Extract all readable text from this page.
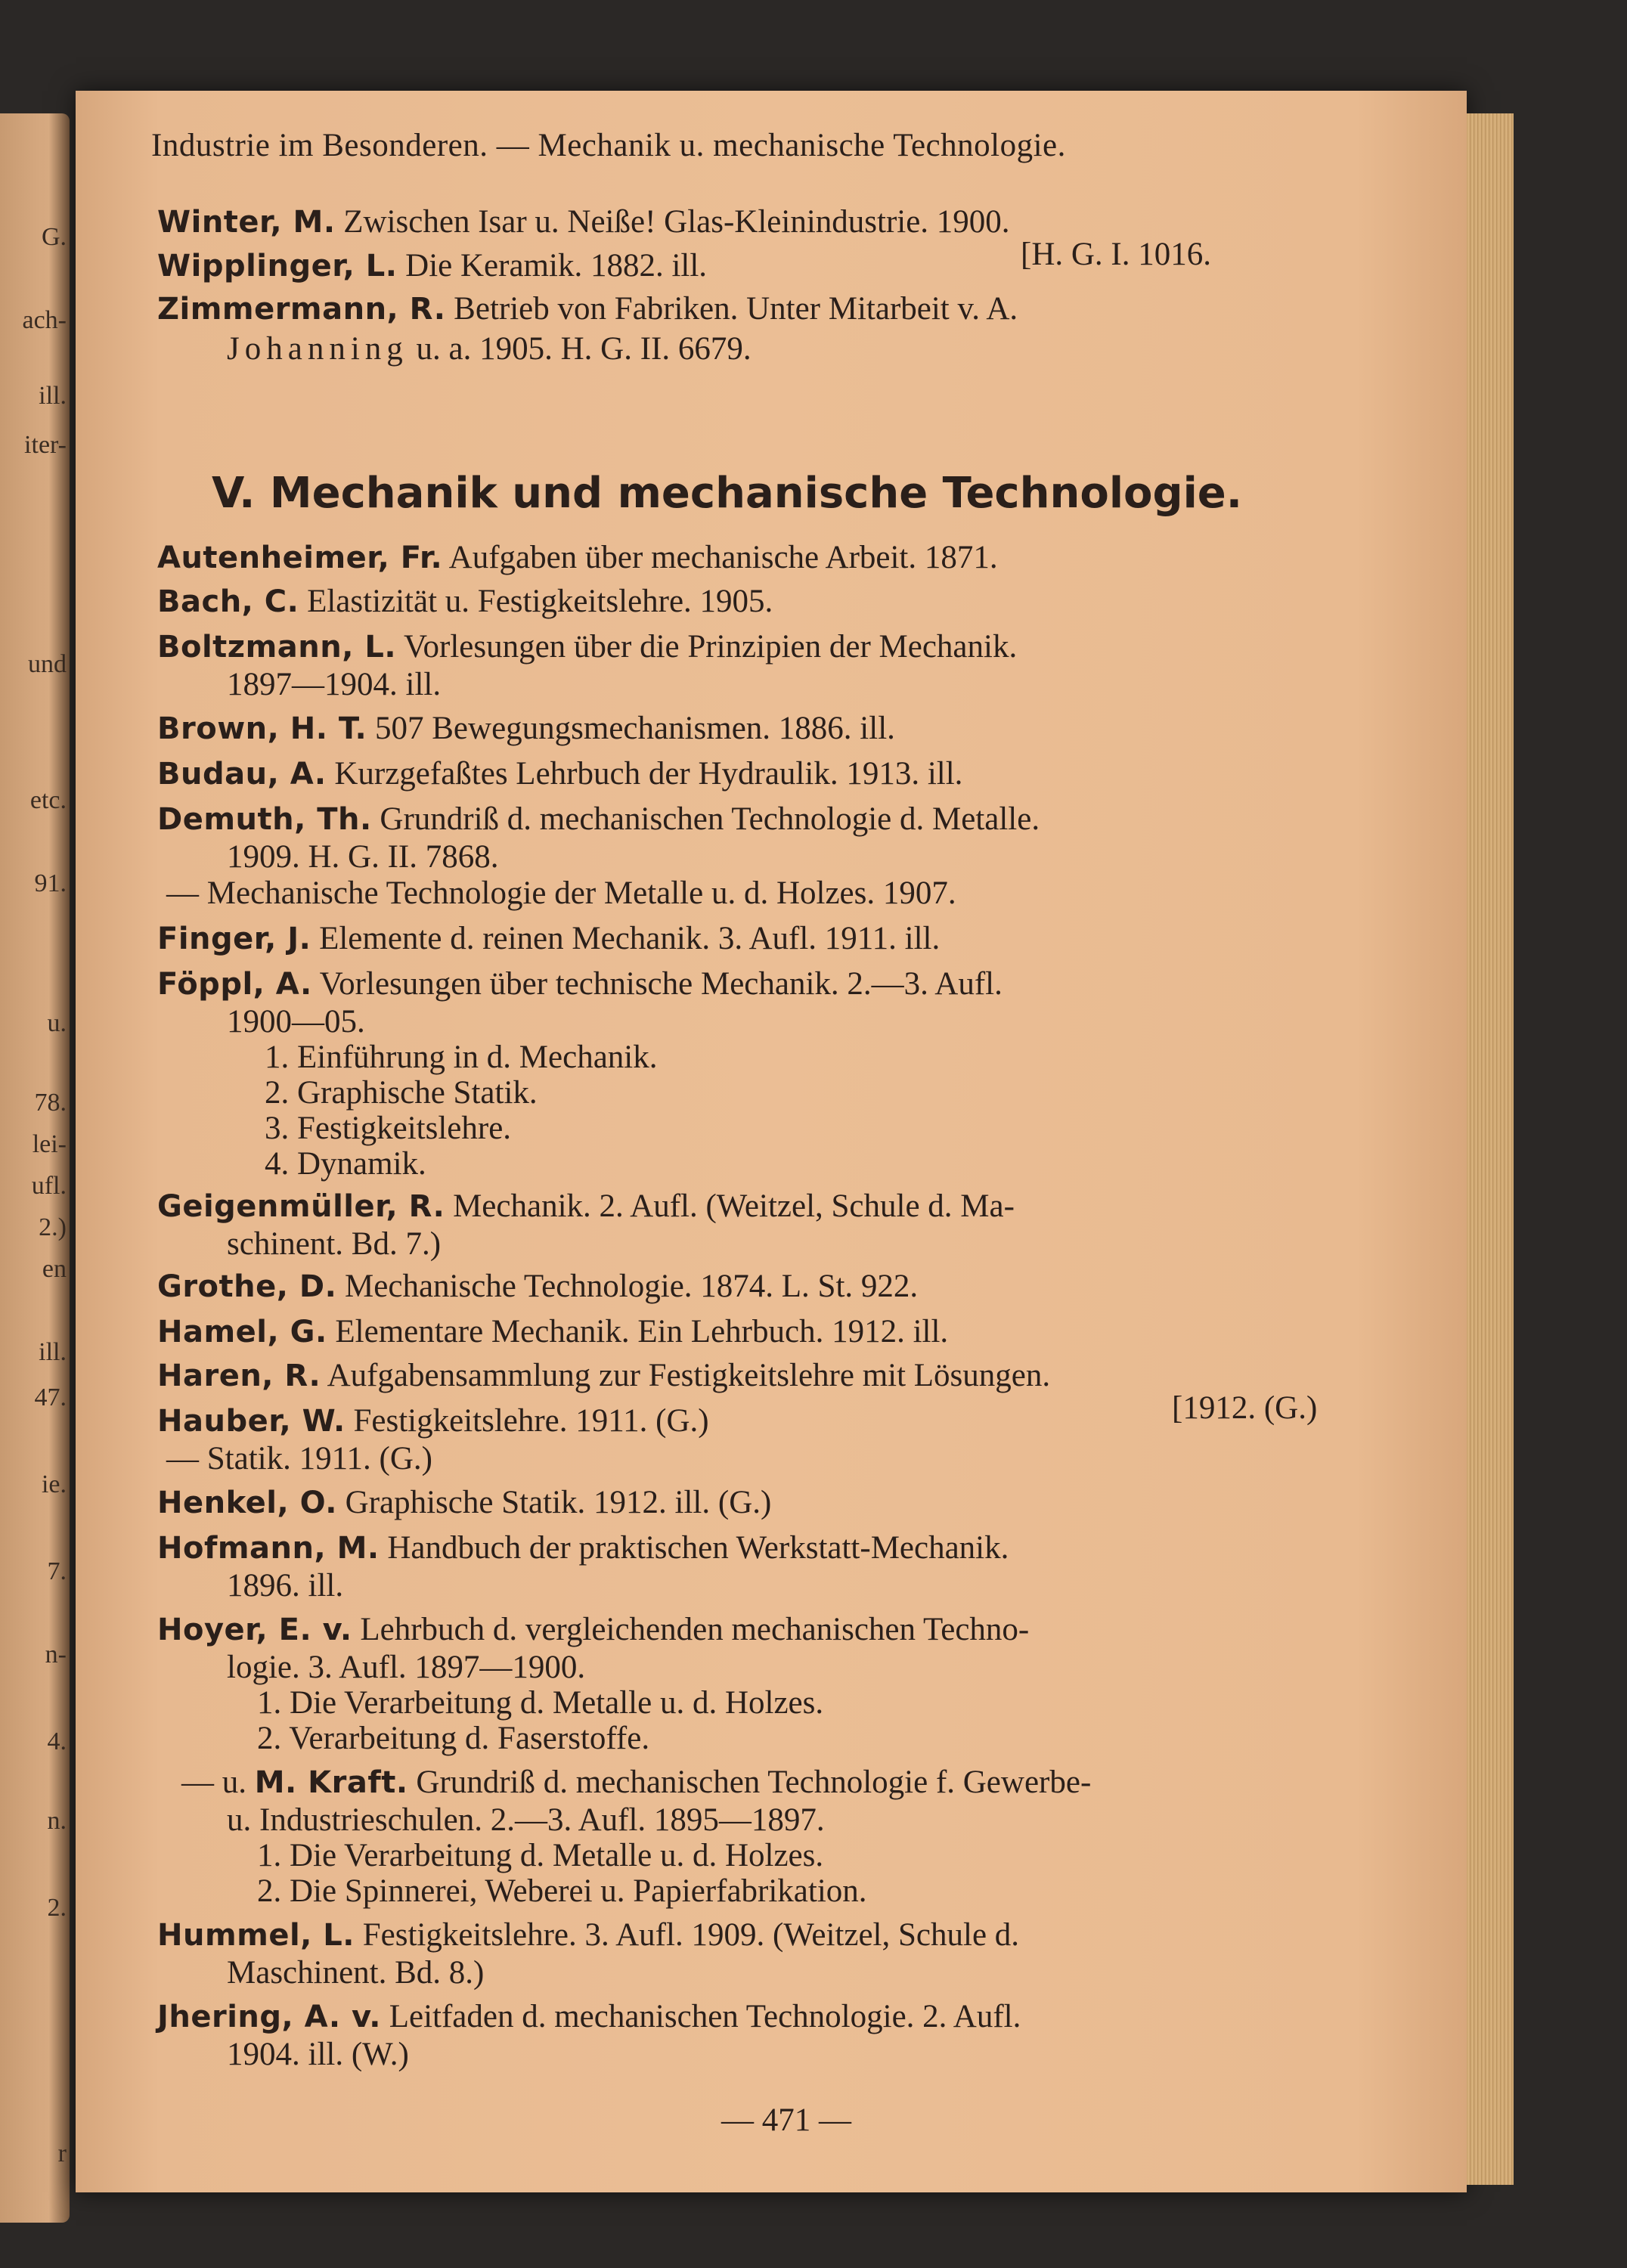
G.
ach-
ill.
iter-
und
etc.
91.
u.
78.
lei-
ufl.
2.)
en
ill.
47.
ie.
7.
n-
4.
n.
2.
r
Industrie im Besonderen. — Mechanik u. mechanische Technologie.
Winter, M. Zwischen Isar u. Neiße! Glas-Kleinindustrie. 1900.
Wipplinger, L. Die Keramik. 1882. ill.	[H. G. I. 1016.
Zimmermann, R. Betrieb von Fabriken. Unter Mitarbeit v. A.
Johanning u. a. 1905. H. G. II. 6679.
V. Mechanik und mechanische Technologie.
Autenheimer, Fr. Aufgaben über mechanische Arbeit. 1871.
Bach, C. Elastizität u. Festigkeitslehre. 1905.
Boltzmann, L. Vorlesungen über die Prinzipien der Mechanik.
1897—1904. ill.
Brown, H. T. 507 Bewegungsmechanismen. 1886. ill.
Budau, A. Kurzgefaßtes Lehrbuch der Hydraulik. 1913. ill.
Demuth, Th. Grundriß d. mechanischen Technologie d. Metalle.
1909. H. G. II. 7868.
— Mechanische Technologie der Metalle u. d. Holzes. 1907.
Finger, J. Elemente d. reinen Mechanik. 3. Aufl. 1911. ill.
Föppl, A. Vorlesungen über technische Mechanik. 2.—3. Aufl.
1900—05.
1. Einführung in d. Mechanik.
2. Graphische Statik.
3. Festigkeitslehre.
4. Dynamik.
Geigenmüller, R. Mechanik. 2. Aufl. (Weitzel, Schule d. Ma-
schinent. Bd. 7.)
Grothe, D. Mechanische Technologie. 1874. L. St. 922.
Hamel, G. Elementare Mechanik. Ein Lehrbuch. 1912. ill.
Haren, R. Aufgabensammlung zur Festigkeitslehre mit Lösungen.
Hauber, W. Festigkeitslehre. 1911. (G.)	[1912. (G.)
— Statik. 1911. (G.)
Henkel, O. Graphische Statik. 1912. ill. (G.)
Hofmann, M. Handbuch der praktischen Werkstatt-Mechanik.
1896. ill.
Hoyer, E. v. Lehrbuch d. vergleichenden mechanischen Techno-
logie. 3. Aufl. 1897—1900.
1. Die Verarbeitung d. Metalle u. d. Holzes.
2. Verarbeitung d. Faserstoffe.
— u. M. Kraft. Grundriß d. mechanischen Technologie f. Gewerbe-
u. Industrieschulen. 2.—3. Aufl. 1895—1897.
1. Die Verarbeitung d. Metalle u. d. Holzes.
2. Die Spinnerei, Weberei u. Papierfabrikation.
Hummel, L. Festigkeitslehre. 3. Aufl. 1909. (Weitzel, Schule d.
Maschinent. Bd. 8.)
Jhering, A. v. Leitfaden d. mechanischen Technologie. 2. Aufl.
1904. ill. (W.)
— 471 —
